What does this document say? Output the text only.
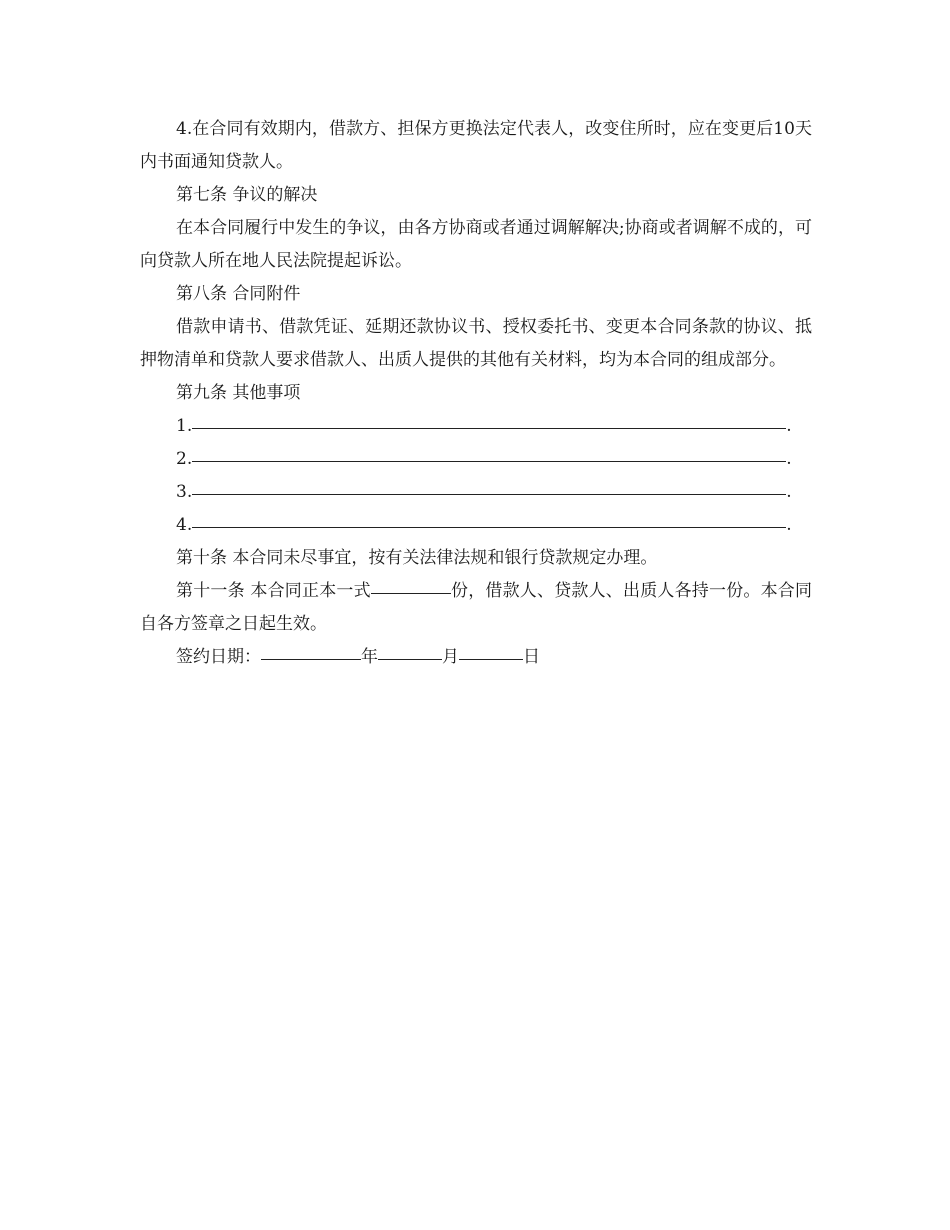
4.在合同有效期内，借款方、担保方更换法定代表人，改变住所时，应在变更后10天内书面通知贷款人。

第七条 争议的解决

在本合同履行中发生的争议，由各方协商或者通过调解解决;协商或者调解不成的，可向贷款人所在地人民法院提起诉讼。

第八条 合同附件

借款申请书、借款凭证、延期还款协议书、授权委托书、变更本合同条款的协议、抵押物清单和贷款人要求借款人、出质人提供的其他有关材料，均为本合同的组成部分。

第九条 其他事项

1.	.

2.	.

3.	.

4.	.

第十条 本合同未尽事宜，按有关法律法规和银行贷款规定办理。

第十一条 本合同正本一式	份，借款人、贷款人、出质人各持一份。本合同自各方签章之日起生效。

签约日期：	年	月	日
